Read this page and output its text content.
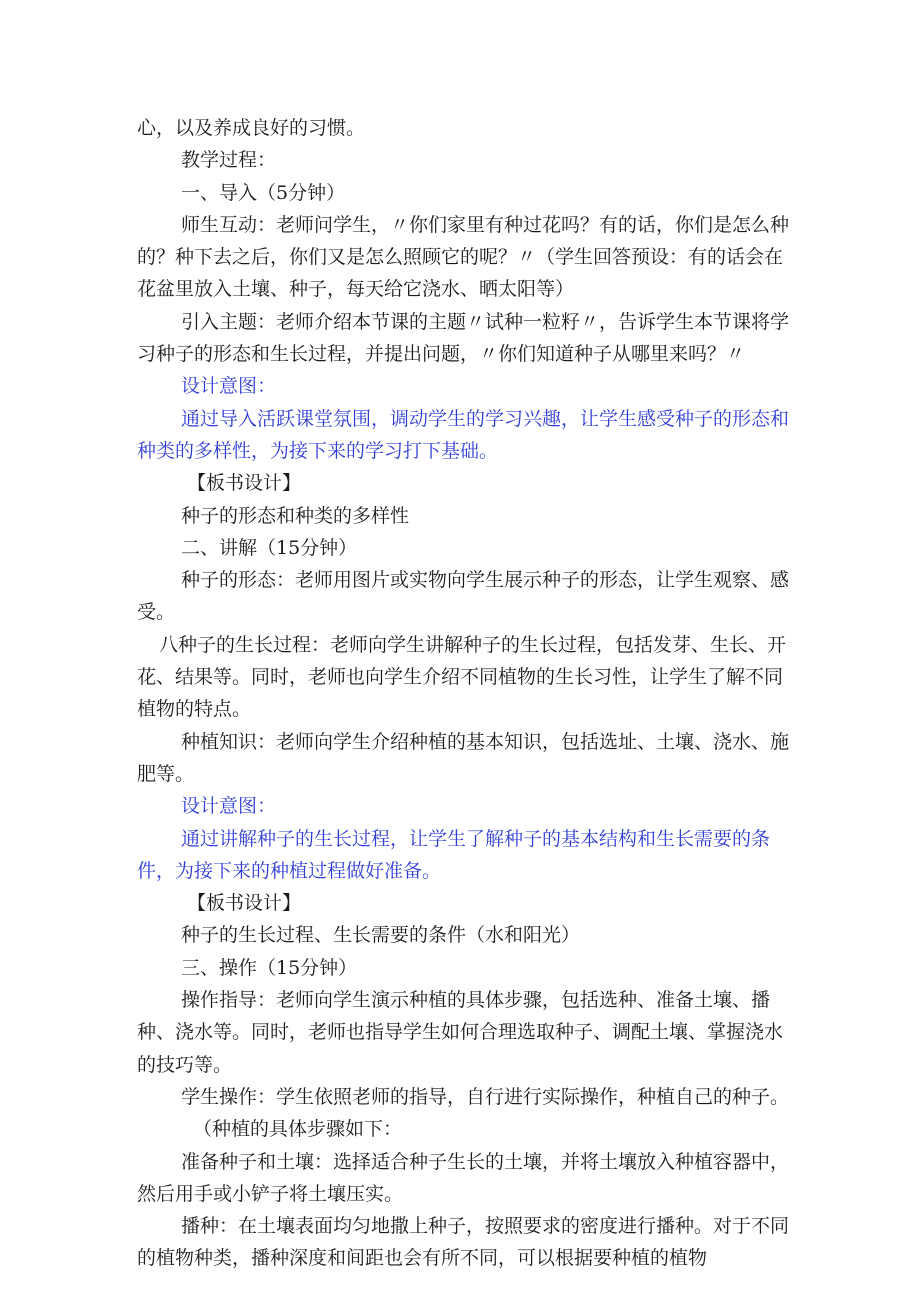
心，以及养成良好的习惯。

教学过程：

一、导入（5分钟）

师生互动：老师问学生，〃你们家里有种过花吗？有的话，你们是怎么种的？种下去之后，你们又是怎么照顾它的呢？〃（学生回答预设：有的话会在花盆里放入土壤、种子，每天给它浇水、晒太阳等）

引入主题：老师介绍本节课的主题〃试种一粒籽〃，告诉学生本节课将学习种子的形态和生长过程，并提出问题，〃你们知道种子从哪里来吗？〃

设计意图：

通过导入活跃课堂氛围，调动学生的学习兴趣，让学生感受种子的形态和种类的多样性，为接下来的学习打下基础。

【板书设计】

种子的形态和种类的多样性

二、讲解（15分钟）

种子的形态：老师用图片或实物向学生展示种子的形态，让学生观察、感受。

八种子的生长过程：老师向学生讲解种子的生长过程，包括发芽、生长、开花、结果等。同时，老师也向学生介绍不同植物的生长习性，让学生了解不同植物的特点。

种植知识：老师向学生介绍种植的基本知识，包括选址、土壤、浇水、施肥等。

设计意图：

通过讲解种子的生长过程，让学生了解种子的基本结构和生长需要的条件，为接下来的种植过程做好准备。

【板书设计】

种子的生长过程、生长需要的条件（水和阳光）

三、操作（15分钟）

操作指导：老师向学生演示种植的具体步骤，包括选种、准备土壤、播种、浇水等。同时，老师也指导学生如何合理选取种子、调配土壤、掌握浇水的技巧等。

学生操作：学生依照老师的指导，自行进行实际操作，种植自己的种子。

（种植的具体步骤如下：

准备种子和土壤：选择适合种子生长的土壤，并将土壤放入种植容器中，然后用手或小铲子将土壤压实。

播种：在土壤表面均匀地撒上种子，按照要求的密度进行播种。对于不同的植物种类，播种深度和间距也会有所不同，可以根据要种植的植物
